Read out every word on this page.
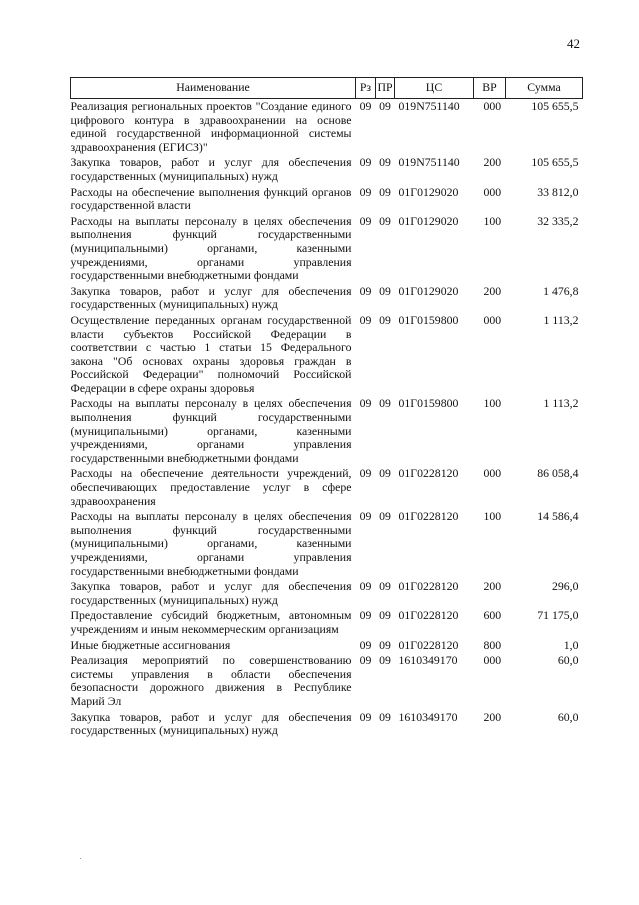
42
Наименование	Рз	ПР	ЦС	ВР	Сумма
Реализация региональных проектов "Создание единого цифрового контура в здравоохранении на основе единой государственной информационной системы здравоохранения (ЕГИСЗ)"	09	09	019N751140	000	105 655,5
Закупка товаров, работ и услуг для обеспечения государственных (муниципальных) нужд	09	09	019N751140	200	105 655,5
Расходы на обеспечение выполнения функций органов государственной власти	09	09	01Г0129020	000	33 812,0
Расходы на выплаты персоналу в целях обеспечения выполнения функций государственными (муниципальными) органами, казенными учреждениями, органами управления государственными внебюджетными фондами	09	09	01Г0129020	100	32 335,2
Закупка товаров, работ и услуг для обеспечения государственных (муниципальных) нужд	09	09	01Г0129020	200	1 476,8
Осуществление переданных органам государственной власти субъектов Российской Федерации в соответствии с частью 1 статьи 15 Федерального закона "Об основах охраны здоровья граждан в Российской Федерации" полномочий Российской Федерации в сфере охраны здоровья	09	09	01Г0159800	000	1 113,2
Расходы на выплаты персоналу в целях обеспечения выполнения функций государственными (муниципальными) органами, казенными учреждениями, органами управления государственными внебюджетными фондами	09	09	01Г0159800	100	1 113,2
Расходы на обеспечение деятельности учреждений, обеспечивающих предоставление услуг в сфере здравоохранения	09	09	01Г0228120	000	86 058,4
Расходы на выплаты персоналу в целях обеспечения выполнения функций государственными (муниципальными) органами, казенными учреждениями, органами управления государственными внебюджетными фондами	09	09	01Г0228120	100	14 586,4
Закупка товаров, работ и услуг для обеспечения государственных (муниципальных) нужд	09	09	01Г0228120	200	296,0
Предоставление субсидий бюджетным, автономным учреждениям и иным некоммерческим организациям	09	09	01Г0228120	600	71 175,0
Иные бюджетные ассигнования	09	09	01Г0228120	800	1,0
Реализация мероприятий по совершенствованию системы управления в области обеспечения безопасности дорожного движения в Республике Марий Эл	09	09	1610349170	000	60,0
Закупка товаров, работ и услуг для обеспечения государственных (муниципальных) нужд	09	09	1610349170	200	60,0
